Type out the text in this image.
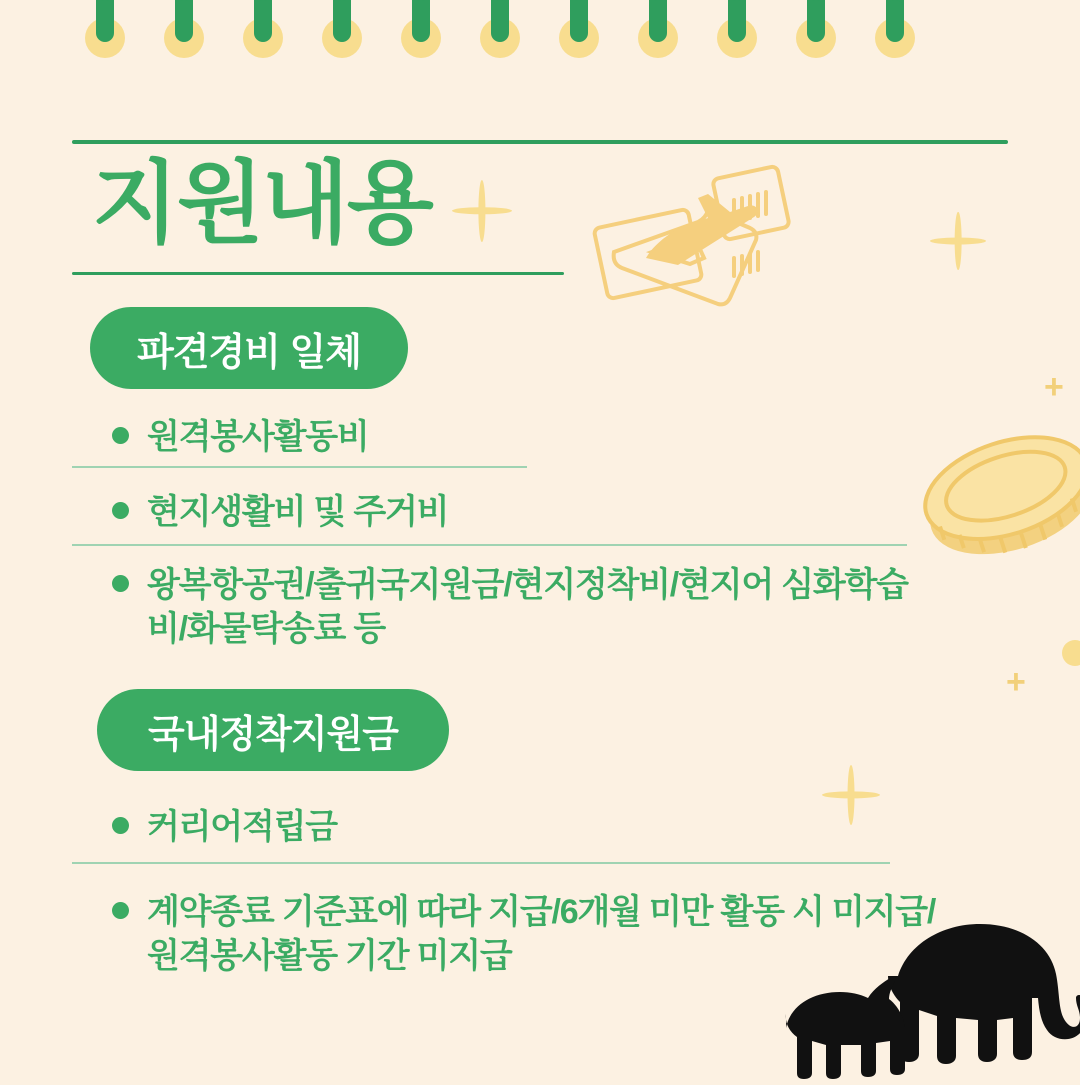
지원내용
+
+
파견경비 일체
원격봉사활동비
현지생활비 및 주거비
왕복항공권/출귀국지원금/현지정착비/현지어 심화학습비/화물탁송료 등
국내정착지원금
커리어적립금
계약종료 기준표에 따라 지급/6개월 미만 활동 시 미지급/원격봉사활동 기간 미지급
